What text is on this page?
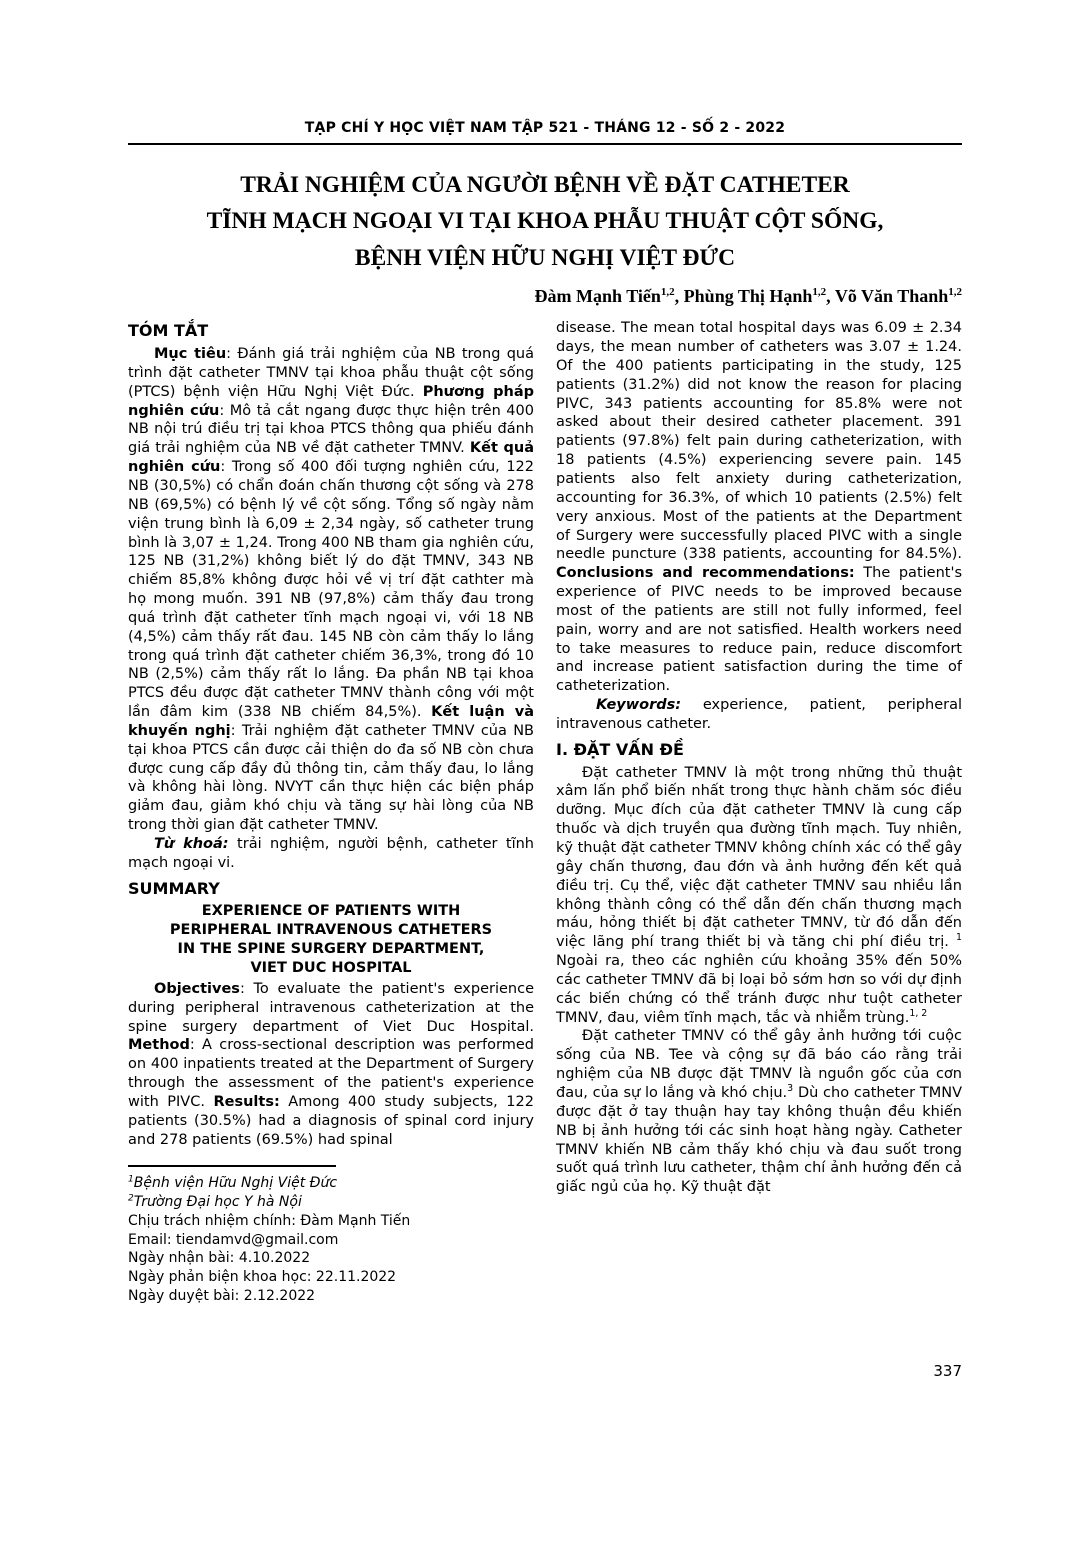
TẠP CHÍ Y HỌC VIỆT NAM TẬP 521 - THÁNG 12 - SỐ 2 - 2022
TRẢI NGHIỆM CỦA NGƯỜI BỆNH VỀ ĐẶT CATHETER
TĨNH MẠCH NGOẠI VI TẠI KHOA PHẪU THUẬT CỘT SỐNG,
BỆNH VIỆN HỮU NGHỊ VIỆT ĐỨC
Đàm Mạnh Tiến$^{1,2}$, Phùng Thị Hạnh$^{1,2}$, Võ Văn Thanh$^{1,2}$
TÓM TẮT

Mục tiêu: Đánh giá trải nghiệm của NB trong quá trình đặt catheter TMNV tại khoa phẫu thuật cột sống (PTCS) bệnh viện Hữu Nghị Việt Đức. Phương pháp nghiên cứu: Mô tả cắt ngang được thực hiện trên 400 NB nội trú điều trị tại khoa PTCS thông qua phiếu đánh giá trải nghiệm của NB về đặt catheter TMNV. Kết quả nghiên cứu: Trong số 400 đối tượng nghiên cứu, 122 NB (30,5%) có chẩn đoán chấn thương cột sống và 278 NB (69,5%) có bệnh lý về cột sống. Tổng số ngày nằm viện trung bình là 6,09 ± 2,34 ngày, số catheter trung bình là 3,07 ± 1,24. Trong 400 NB tham gia nghiên cứu, 125 NB (31,2%) không biết lý do đặt TMNV, 343 NB chiếm 85,8% không được hỏi về vị trí đặt cathter mà họ mong muốn. 391 NB (97,8%) cảm thấy đau trong quá trình đặt catheter tĩnh mạch ngoại vi, với 18 NB (4,5%) cảm thấy rất đau. 145 NB còn cảm thấy lo lắng trong quá trình đặt catheter chiếm 36,3%, trong đó 10 NB (2,5%) cảm thấy rất lo lắng. Đa phần NB tại khoa PTCS đều được đặt catheter TMNV thành công với một lần đâm kim (338 NB chiếm 84,5%). Kết luận và khuyến nghị: Trải nghiệm đặt catheter TMNV của NB tại khoa PTCS cần được cải thiện do đa số NB còn chưa được cung cấp đầy đủ thông tin, cảm thấy đau, lo lắng và không hài lòng. NVYT cần thực hiện các biện pháp giảm đau, giảm khó chịu và tăng sự hài lòng của NB trong thời gian đặt catheter TMNV.

Từ khoá: trải nghiệm, người bệnh, catheter tĩnh mạch ngoại vi.

SUMMARY
EXPERIENCE OF PATIENTS WITH
PERIPHERAL INTRAVENOUS CATHETERS
IN THE SPINE SURGERY DEPARTMENT,
VIET DUC HOSPITAL

Objectives: To evaluate the patient's experience during peripheral intravenous catheterization at the spine surgery department of Viet Duc Hospital. Method: A cross-sectional description was performed on 400 inpatients treated at the Department of Surgery through the assessment of the patient's experience with PIVC. Results: Among 400 study subjects, 122 patients (30.5%) had a diagnosis of spinal cord injury and 278 patients (69.5%) had spinal

$^1$Bệnh viện Hữu Nghị Việt Đức
$^2$Trường Đại học Y hà Nội
Chịu trách nhiệm chính: Đàm Mạnh Tiến
Email: tiendamvd@gmail.com
Ngày nhận bài: 4.10.2022
Ngày phản biện khoa học: 22.11.2022
Ngày duyệt bài: 2.12.2022

disease. The mean total hospital days was 6.09 ± 2.34 days, the mean number of catheters was 3.07 ± 1.24. Of the 400 patients participating in the study, 125 patients (31.2%) did not know the reason for placing PIVC, 343 patients accounting for 85.8% were not asked about their desired catheter placement. 391 patients (97.8%) felt pain during catheterization, with 18 patients (4.5%) experiencing severe pain. 145 patients also felt anxiety during catheterization, accounting for 36.3%, of which 10 patients (2.5%) felt very anxious. Most of the patients at the Department of Surgery were successfully placed PIVC with a single needle puncture (338 patients, accounting for 84.5%). Conclusions and recommendations: The patient's experience of PIVC needs to be improved because most of the patients are still not fully informed, feel pain, worry and are not satisfied. Health workers need to take measures to reduce pain, reduce discomfort and increase patient satisfaction during the time of catheterization.

Keywords: experience, patient, peripheral intravenous catheter.

I. ĐẶT VẤN ĐỀ

Đặt catheter TMNV là một trong những thủ thuật xâm lấn phổ biến nhất trong thực hành chăm sóc điều dưỡng. Mục đích của đặt catheter TMNV là cung cấp thuốc và dịch truyền qua đường tĩnh mạch. Tuy nhiên, kỹ thuật đặt catheter TMNV không chính xác có thể gây gây chấn thương, đau đớn và ảnh hưởng đến kết quả điều trị. Cụ thể, việc đặt catheter TMNV sau nhiều lần không thành công có thể dẫn đến chấn thương mạch máu, hỏng thiết bị đặt catheter TMNV, từ đó dẫn đến việc lãng phí trang thiết bị và tăng chi phí điều trị. $^1$ Ngoài ra, theo các nghiên cứu khoảng 35% đến 50% các catheter TMNV đã bị loại bỏ sớm hơn so với dự định các biến chứng có thể tránh được như tuột catheter TMNV, đau, viêm tĩnh mạch, tắc và nhiễm trùng.$^{1, 2}$

Đặt catheter TMNV có thể gây ảnh hưởng tới cuộc sống của NB. Tee và cộng sự đã báo cáo rằng trải nghiệm của NB được đặt TMNV là nguồn gốc của cơn đau, của sự lo lắng và khó chịu.$^3$ Dù cho catheter TMNV được đặt ở tay thuận hay tay không thuận đều khiến NB bị ảnh hưởng tới các sinh hoạt hàng ngày. Catheter TMNV khiến NB cảm thấy khó chịu và đau suốt trong suốt quá trình lưu catheter, thậm chí ảnh hưởng đến cả giấc ngủ của họ. Kỹ thuật đặt

337
